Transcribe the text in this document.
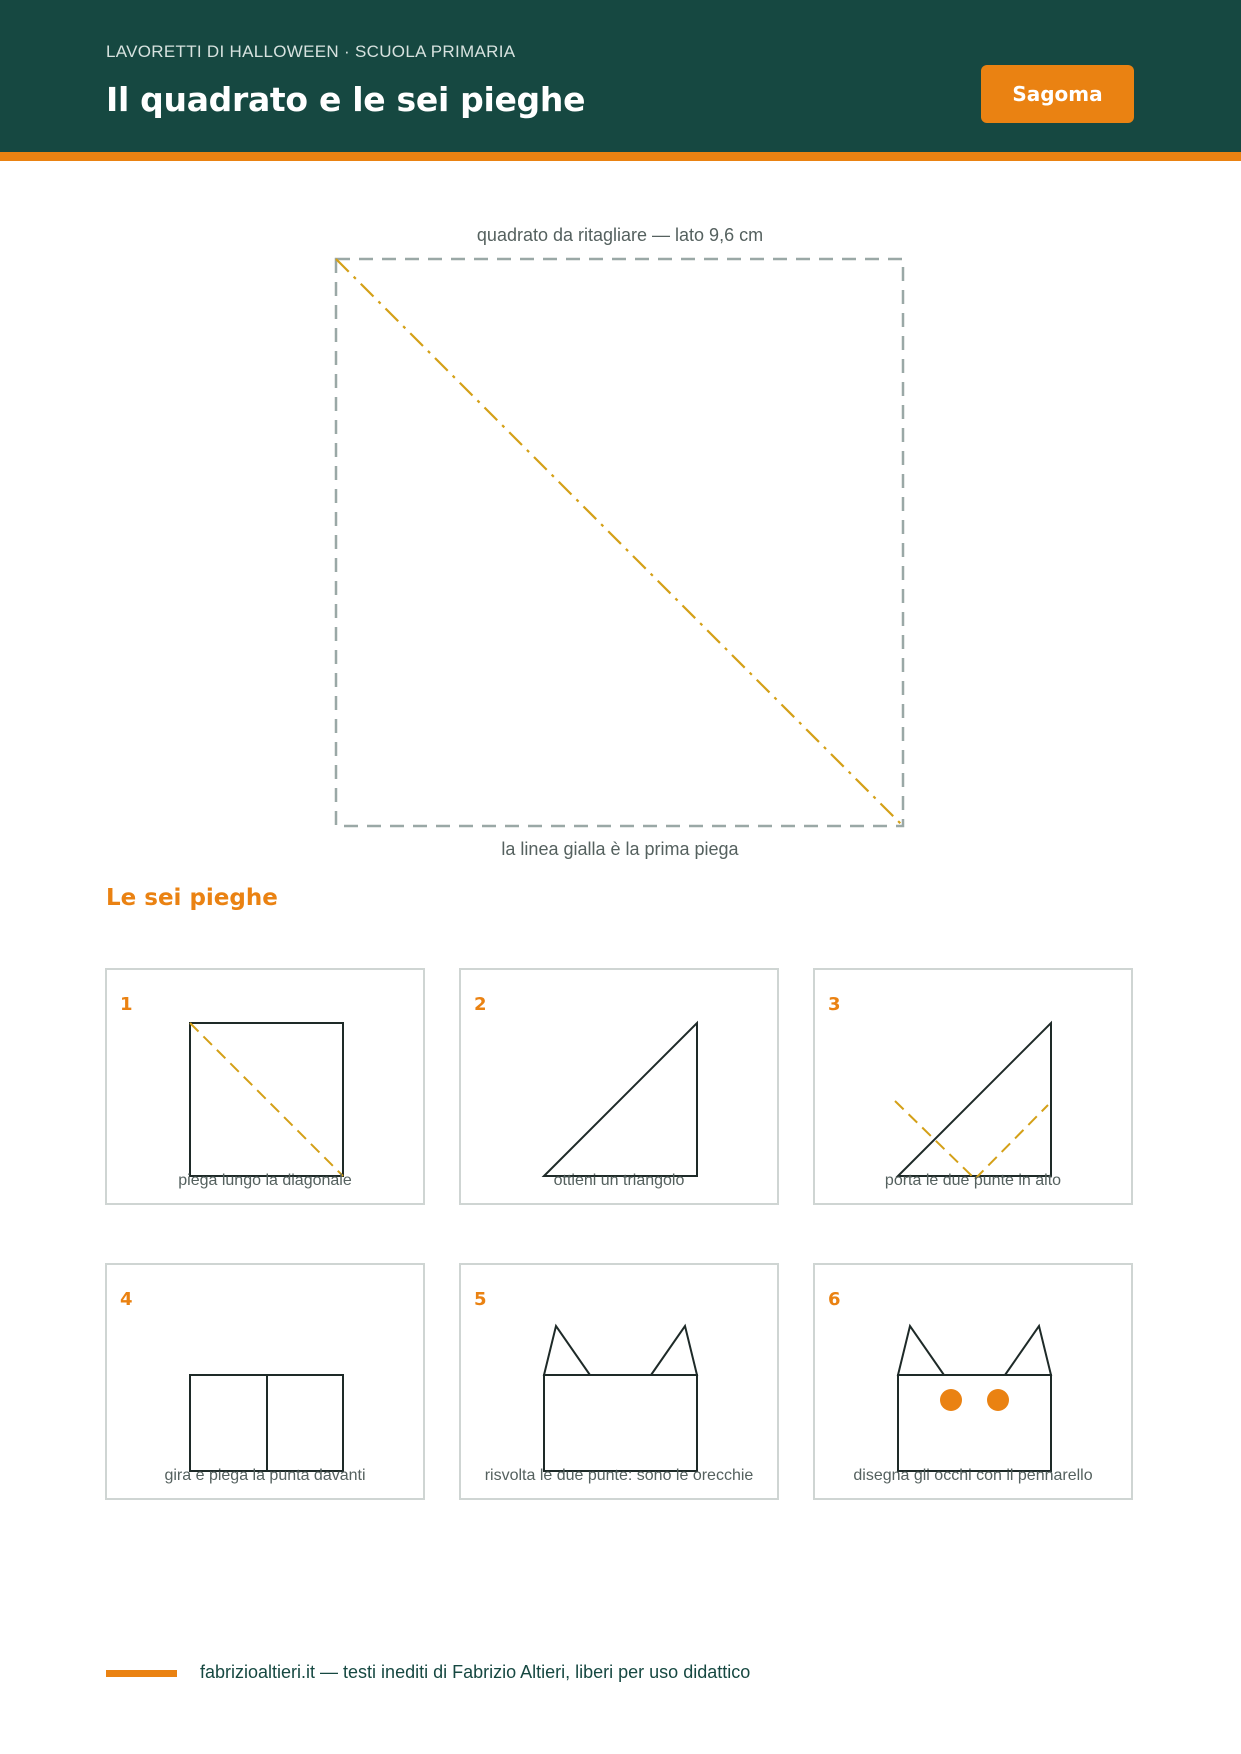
LAVORETTI DI HALLOWEEN · SCUOLA PRIMARIA
Il quadrato e le sei pieghe	Sagoma
quadrato da ritagliare — lato 9,6 cm
la linea gialla è la prima piega
Le sei pieghe
1
piega lungo la diagonale
2
ottieni un triangolo
3
porta le due punte in alto
4
gira e piega la punta davanti
5
risvolta le due punte: sono le orecchie
6
disegna gli occhi con il pennarello
fabrizioaltieri.it — testi inediti di Fabrizio Altieri, liberi per uso didattico
